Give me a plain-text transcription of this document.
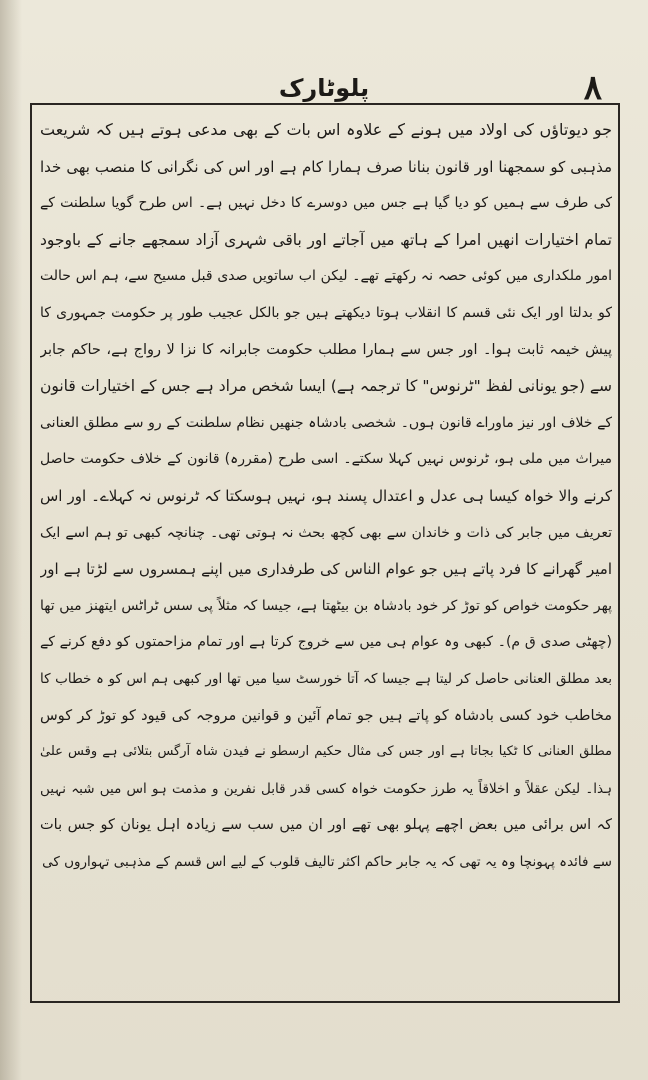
۸
پلوٹارک
جو دیوتاؤں کی اولاد میں ہونے کے علاوہ اس بات کے بھی مدعی ہوتے ہیں کہ شریعت
مذہبی کو سمجھنا اور قانون بنانا صرف ہمارا کام ہے اور اس کی نگرانی کا منصب بھی خدا
کی طرف سے ہمیں کو دیا گیا ہے جس میں دوسرے کا دخل نہیں ہے۔ اس طرح گویا سلطنت کے
تمام اختیارات انھیں امرا کے ہاتھ میں آجاتے اور باقی شہری آزاد سمجھے جانے کے باوجود
امور ملکداری میں کوئی حصہ نہ رکھتے تھے۔ لیکن اب ساتویں صدی قبل مسیح سے، ہم اس حالت
کو بدلتا اور ایک نئی قسم کا انقلاب ہوتا دیکھتے ہیں جو بالکل عجیب طور پر حکومت جمہوری کا
پیش خیمہ ثابت ہوا۔ اور جس سے ہمارا مطلب حکومت جابرانہ کا نزا لا رواج ہے، حاکم جابر
سے (جو یونانی لفظ "ٹرنوس" کا ترجمہ ہے) ایسا شخص مراد ہے جس کے اختیارات قانون
کے خلاف اور نیز ماوراے قانون ہوں۔ شخصی بادشاہ جنھیں نظام سلطنت کے رو سے مطلق العنانی
میراث میں ملی ہو، ٹرنوس نہیں کہلا سکتے۔ اسی طرح (مقررہ) قانون کے خلاف حکومت حاصل
کرنے والا خواہ کیسا ہی عدل و اعتدال پسند ہو، نہیں ہوسکتا کہ ٹرنوس نہ کہلاے۔ اور اس
تعریف میں جابر کی ذات و خاندان سے بھی کچھ بحث نہ ہوتی تھی۔ چنانچہ کبھی تو ہم اسے ایک
امیر گھرانے کا فرد پاتے ہیں جو عوام الناس کی طرفداری میں اپنے ہمسروں سے لڑتا ہے اور
پھر حکومت خواص کو توڑ کر خود بادشاہ بن بیٹھتا ہے، جیسا کہ مثلاً پی سس ٹراٹس ایتھنز میں تھا
(چھٹی صدی ق م)۔ کبھی وہ عوام ہی میں سے خروج کرتا ہے اور تمام مزاحمتوں کو دفع کرنے کے
بعد مطلق العنانی حاصل کر لیتا ہے جیسا کہ آتا خورسٹ سیا میں تھا اور کبھی ہم اس کو ہ خطاب کا
مخاطب خود کسی بادشاہ کو پاتے ہیں جو تمام آئین و قوانین مروجہ کی قیود کو توڑ کر کوس
مطلق العنانی کا ٹکیا بجاتا ہے اور جس کی مثال حکیم ارسطو نے فیدن شاہ آرگس بتلائی ہے وقس علیٰ
ہذا۔ لیکن عقلاً و اخلاقاً یہ طرز حکومت خواہ کسی قدر قابل نفرین و مذمت ہو اس میں شبہ نہیں
کہ اس برائی میں بعض اچھے پہلو بھی تھے اور ان میں سب سے زیادہ اہل یونان کو جس بات
سے فائدہ پہونچا وہ یہ تھی کہ یہ جابر حاکم اکثر تالیف قلوب کے لیے اس قسم کے مذہبی تہواروں کی
